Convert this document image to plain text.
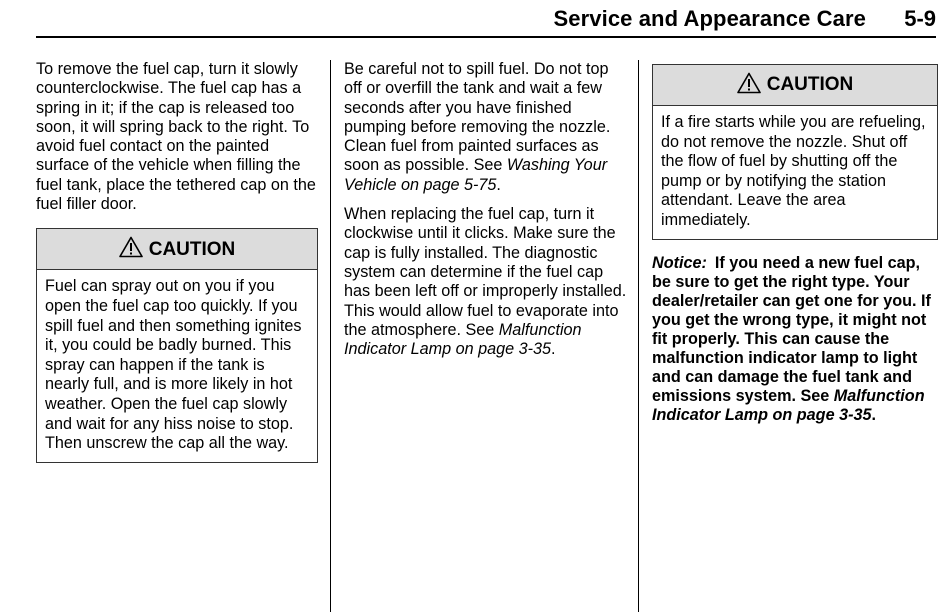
Service and Appearance Care 5-9

To remove the fuel cap, turn it slowly counterclockwise. The fuel cap has a spring in it; if the cap is released too soon, it will spring back to the right. To avoid fuel contact on the painted surface of the vehicle when filling the fuel tank, place the tethered cap on the fuel filler door.

CAUTION
Fuel can spray out on you if you open the fuel cap too quickly. If you spill fuel and then something ignites it, you could be badly burned. This spray can happen if the tank is nearly full, and is more likely in hot weather. Open the fuel cap slowly and wait for any hiss noise to stop. Then unscrew the cap all the way.

Be careful not to spill fuel. Do not top off or overfill the tank and wait a few seconds after you have finished pumping before removing the nozzle. Clean fuel from painted surfaces as soon as possible. See Washing Your Vehicle on page 5-75.

When replacing the fuel cap, turn it clockwise until it clicks. Make sure the cap is fully installed. The diagnostic system can determine if the fuel cap has been left off or improperly installed. This would allow fuel to evaporate into the atmosphere. See Malfunction Indicator Lamp on page 3-35.

CAUTION
If a fire starts while you are refueling, do not remove the nozzle. Shut off the flow of fuel by shutting off the pump or by notifying the station attendant. Leave the area immediately.

Notice: If you need a new fuel cap, be sure to get the right type. Your dealer/retailer can get one for you. If you get the wrong type, it might not fit properly. This can cause the malfunction indicator lamp to light and can damage the fuel tank and emissions system. See Malfunction Indicator Lamp on page 3-35.
